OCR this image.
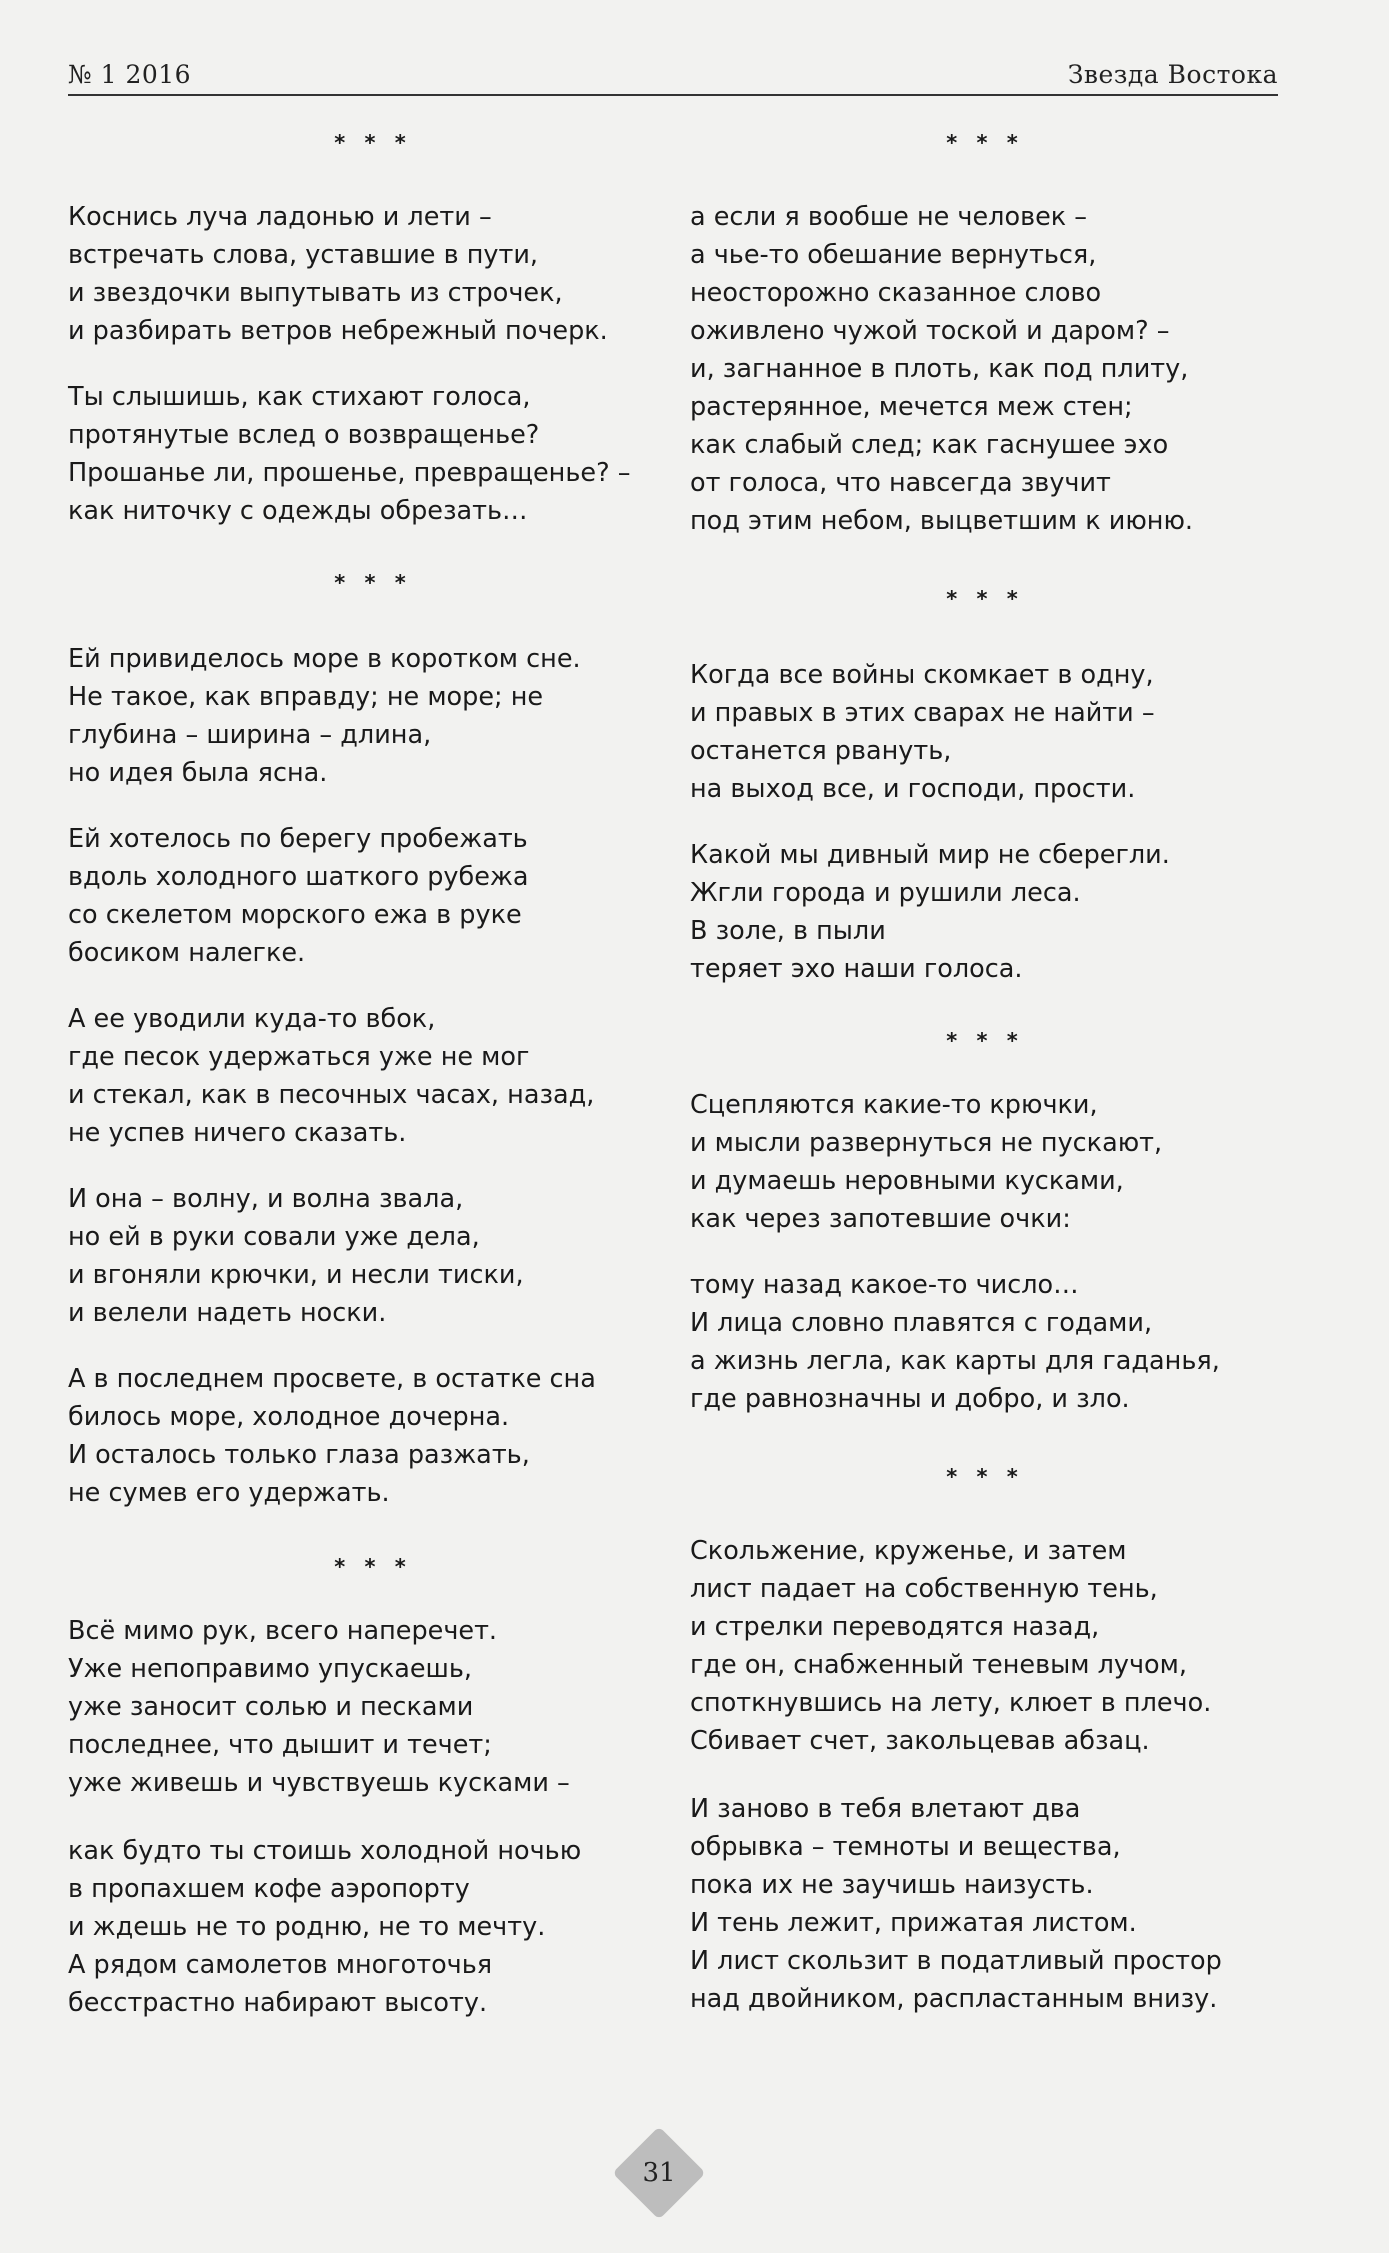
№ 1 2016	Звезда Востока
* * *
Коснись луча ладонью и лети –
встречать слова, уставшие в пути,
и звездочки выпутывать из строчек,
и разбирать ветров небрежный почерк.
Ты слышишь, как стихают голоса,
протянутые вслед о возвращенье?
Прошанье ли, прошенье, превращенье? –
как ниточку с одежды обрезать…
* * *
Ей привиделось море в коротком сне.
Не такое, как вправду; не море; не
глубина – ширина – длина,
но идея была ясна.
Ей хотелось по берегу пробежать
вдоль холодного шаткого рубежа
со скелетом морского ежа в руке
босиком налегке.
А ее уводили куда-то вбок,
где песок удержаться уже не мог
и стекал, как в песочных часах, назад,
не успев ничего сказать.
И она – волну, и волна звала,
но ей в руки совали уже дела,
и вгоняли крючки, и несли тиски,
и велели надеть носки.
А в последнем просвете, в остатке сна
билось море, холодное дочерна.
И осталось только глаза разжать,
не сумев его удержать.
* * *
Всё мимо рук, всего наперечет.
Уже непоправимо упускаешь,
уже заносит солью и песками
последнее, что дышит и течет;
уже живешь и чувствуешь кусками –
как будто ты стоишь холодной ночью
в пропахшем кофе аэропорту
и ждешь не то родню, не то мечту.
А рядом самолетов многоточья
бесстрастно набирают высоту.
* * *
а если я вообше не человек –
а чье-то обешание вернуться,
неосторожно сказанное слово
оживлено чужой тоской и даром? –
и, загнанное в плоть, как под плиту,
растерянное, мечется меж стен;
как слабый след; как гаснушее эхо
от голоса, что навсегда звучит
под этим небом, выцветшим к июню.
* * *
Когда все войны скомкает в одну,
и правых в этих сварах не найти –
останется рвануть,
на выход все, и господи, прости.
Какой мы дивный мир не сберегли.
Жгли города и рушили леса.
В золе, в пыли
теряет эхо наши голоса.
* * *
Сцепляются какие-то крючки,
и мысли развернуться не пускают,
и думаешь неровными кусками,
как через запотевшие очки:
тому назад какое-то число…
И лица словно плавятся с годами,
а жизнь легла, как карты для гаданья,
где равнозначны и добро, и зло.
* * *
Скольжение, круженье, и затем
лист падает на собственную тень,
и стрелки переводятся назад,
где он, снабженный теневым лучом,
споткнувшись на лету, клюет в плечо.
Сбивает счет, закольцевав абзац.
И заново в тебя влетают два
обрывка – темноты и вещества,
пока их не заучишь наизусть.
И тень лежит, прижатая листом.
И лист скользит в податливый простор
над двойником, распластанным внизу.
31
